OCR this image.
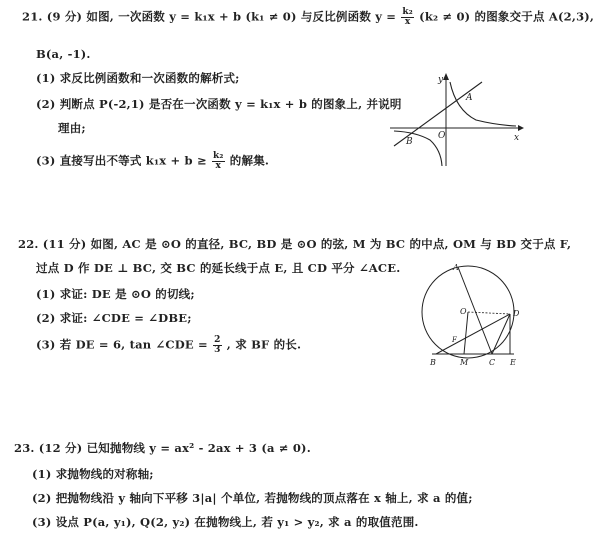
21. (9 分) 如图, 一次函数 y = k₁x + b (k₁ ≠ 0) 与反比例函数 $y = \frac{\text{k₂}}{x} (k_2 \ne 0)$ 的图象交于点 A(2,3),
B(a, -1).
(1) 求反比例函数和一次函数的解析式;
(2) 判断点 P(-2,1) 是否在一次函数 y = k₁x + b 的图象上, 并说明
理由;
(3) 直接写出不等式 $k_1x + b \ge \frac{\text{k₂}}{x}$ 的解集.
y
x
A
B
O
22. (11 分) 如图, AC 是 ⊙O 的直径, BC, BD 是 ⊙O 的弦, M 为 BC 的中点, OM 与 BD 交于点 F,
过点 D 作 DE ⊥ BC, 交 BC 的延长线于点 E, 且 CD 平分 ∠ACE.
(1) 求证: DE 是 ⊙O 的切线;
(2) 求证: ∠CDE = ∠DBE;
(3) 若 DE = 6, tan ∠CDE = $\frac{2}{3}$ , 求 BF 的长.
A
O	D
F
B	M	C E
23. (12 分) 已知抛物线 y = ax² - 2ax + 3 (a ≠ 0).
(1) 求抛物线的对称轴;
(2) 把抛物线沿 y 轴向下平移 3|a| 个单位, 若抛物线的顶点落在 x 轴上, 求 a 的值;
(3) 设点 P(a, y₁), Q(2, y₂) 在抛物线上, 若 y₁ > y₂, 求 a 的取值范围.
